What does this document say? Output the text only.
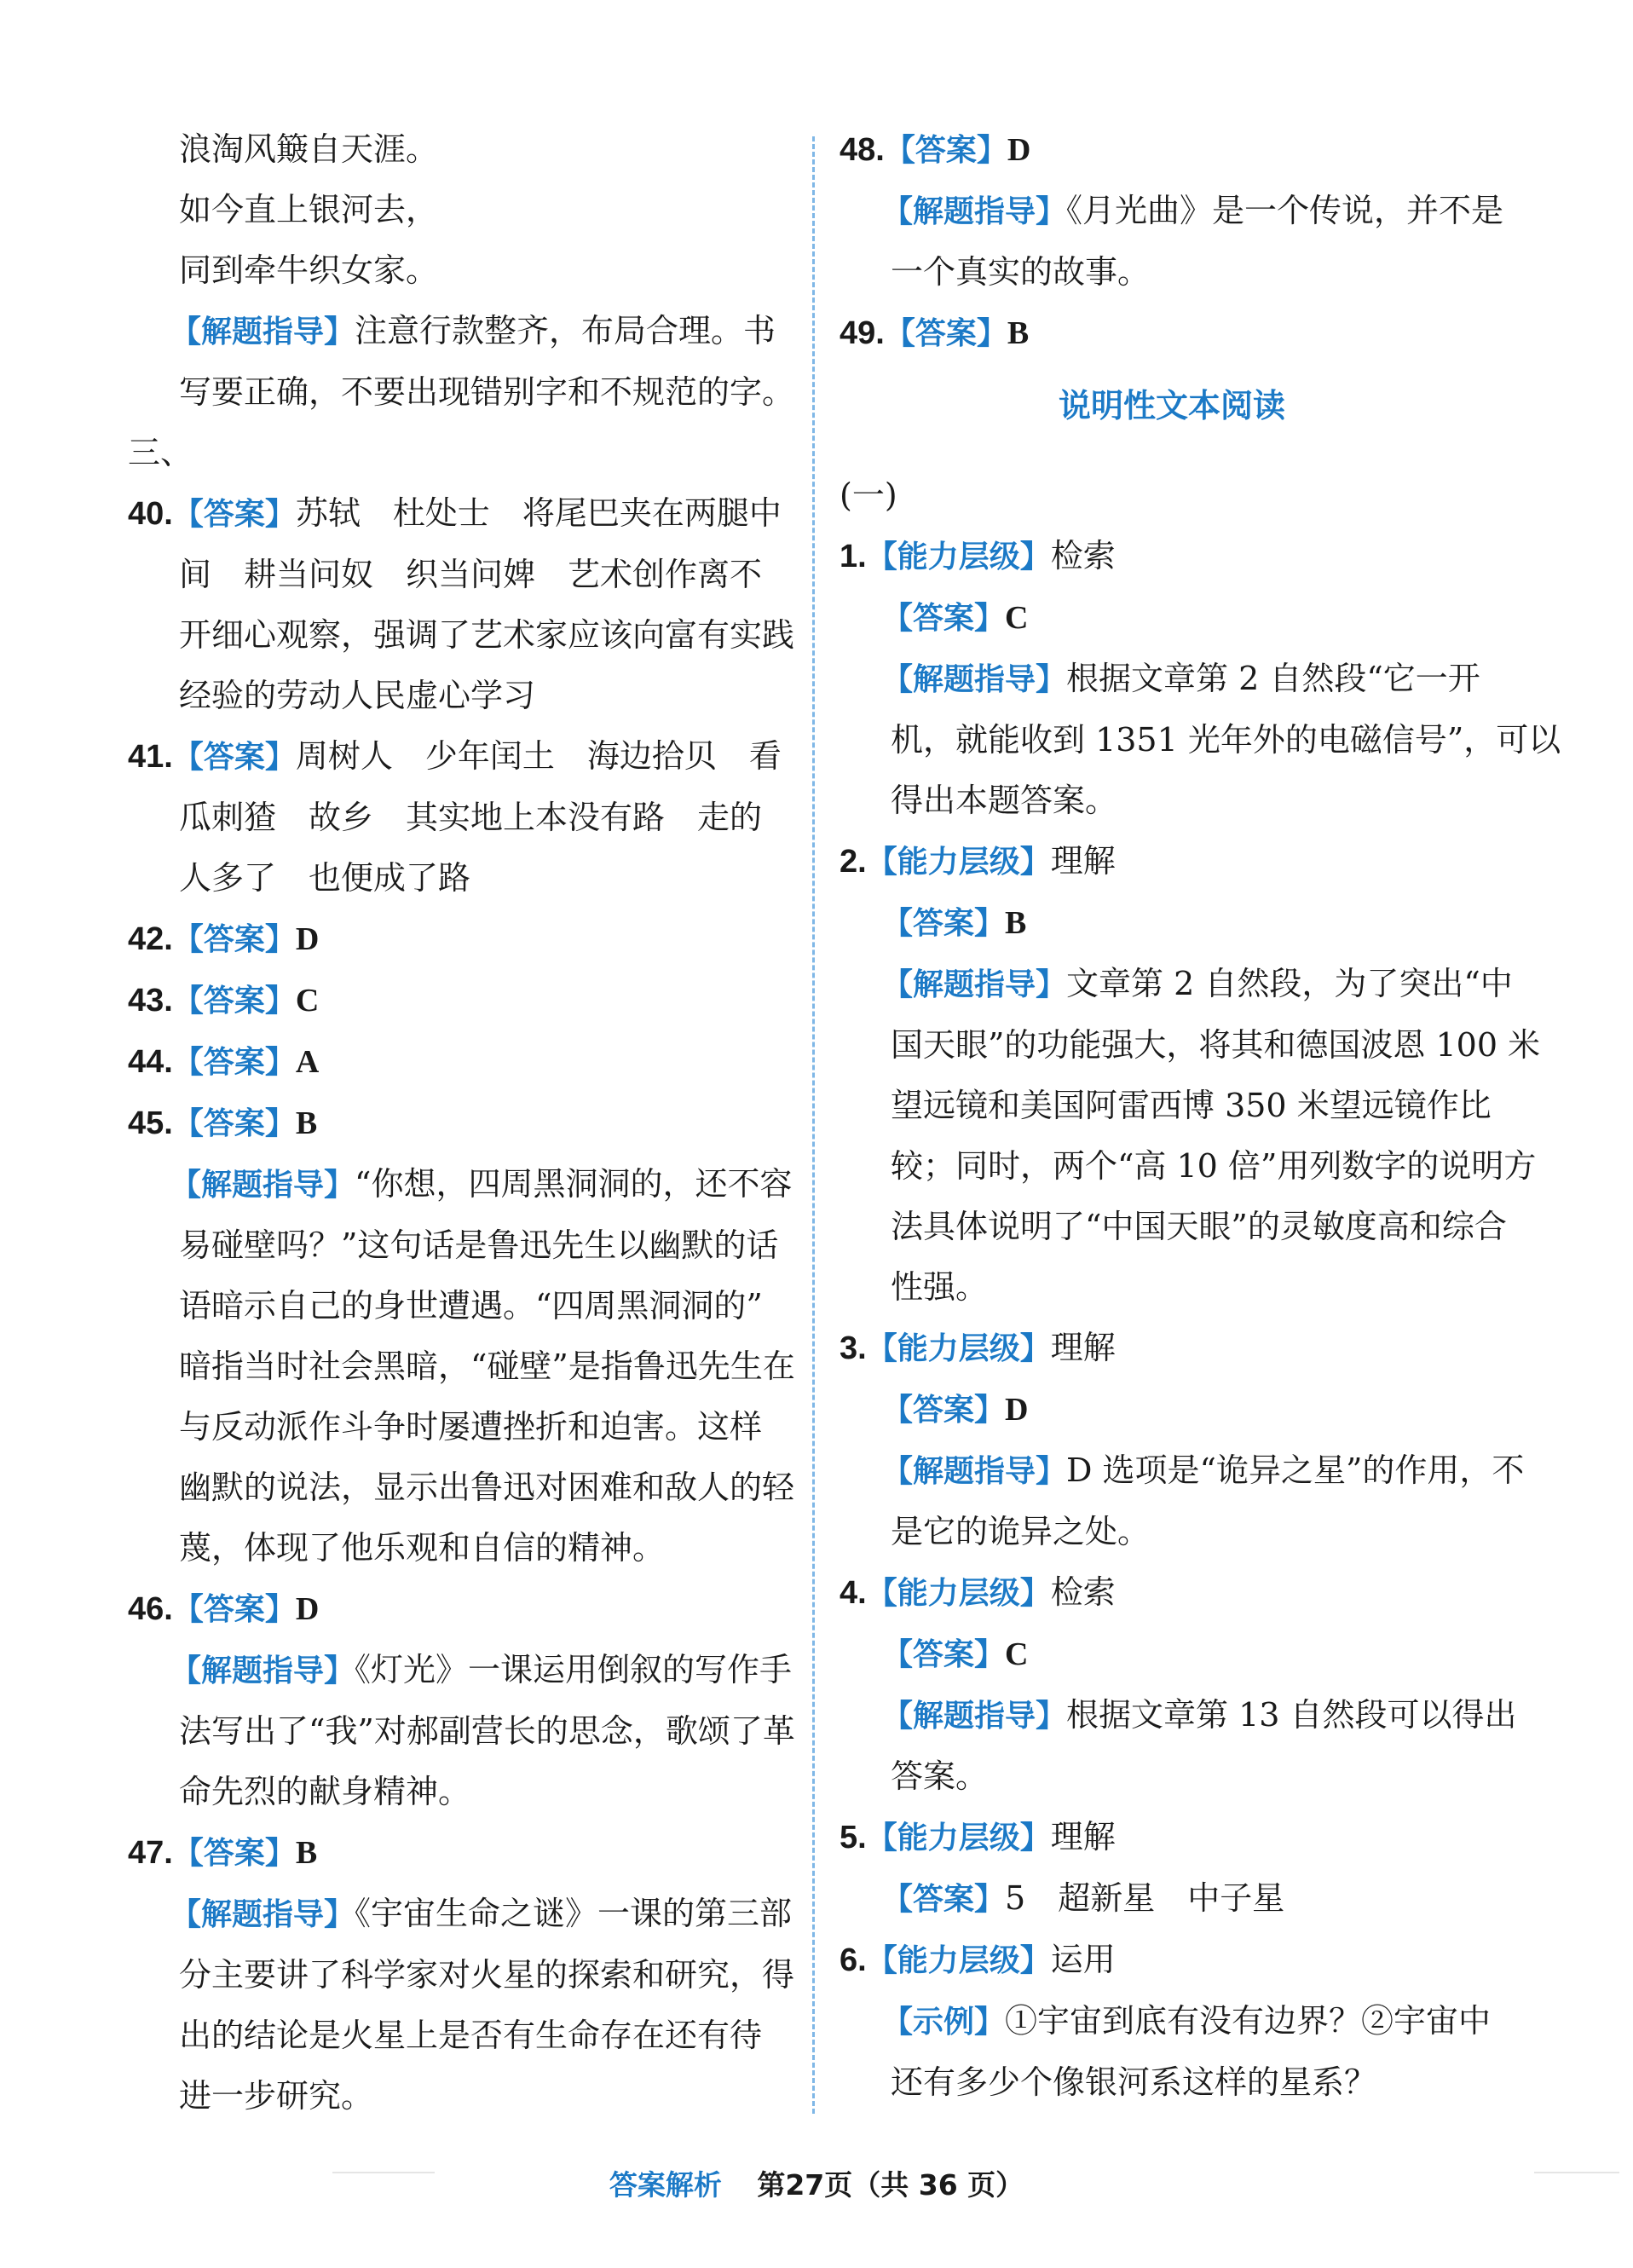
浪淘风簸自天涯。
如今直上银河去，
同到牵牛织女家。
【解题指导】注意行款整齐，布局合理。书
写要正确，不要出现错别字和不规范的字。
三、
40.【答案】苏轼　杜处士　将尾巴夹在两腿中
间　耕当问奴　织当问婢　艺术创作离不
开细心观察，强调了艺术家应该向富有实践
经验的劳动人民虚心学习
41.【答案】周树人　少年闰土　海边拾贝　看
瓜刺猹　故乡　其实地上本没有路　走的
人多了　也便成了路
42.【答案】D
43.【答案】C
44.【答案】A
45.【答案】B
【解题指导】“你想，四周黑洞洞的，还不容
易碰壁吗？”这句话是鲁迅先生以幽默的话
语暗示自己的身世遭遇。“四周黑洞洞的”
暗指当时社会黑暗，“碰壁”是指鲁迅先生在
与反动派作斗争时屡遭挫折和迫害。这样
幽默的说法，显示出鲁迅对困难和敌人的轻
蔑，体现了他乐观和自信的精神。
46.【答案】D
【解题指导】《灯光》一课运用倒叙的写作手
法写出了“我”对郝副营长的思念，歌颂了革
命先烈的献身精神。
47.【答案】B
【解题指导】《宇宙生命之谜》一课的第三部
分主要讲了科学家对火星的探索和研究，得
出的结论是火星上是否有生命存在还有待
进一步研究。
48.【答案】D
【解题指导】《月光曲》是一个传说，并不是
一个真实的故事。
49.【答案】B
说明性文本阅读
(一)
1.【能力层级】检索
【答案】C
【解题指导】根据文章第 2 自然段“它一开
机，就能收到 1351 光年外的电磁信号”，可以
得出本题答案。
2.【能力层级】理解
【答案】B
【解题指导】文章第 2 自然段，为了突出“中
国天眼”的功能强大，将其和德国波恩 100 米
望远镜和美国阿雷西博 350 米望远镜作比
较；同时，两个“高 10 倍”用列数字的说明方
法具体说明了“中国天眼”的灵敏度高和综合
性强。
3.【能力层级】理解
【答案】D
【解题指导】D 选项是“诡异之星”的作用，不
是它的诡异之处。
4.【能力层级】检索
【答案】C
【解题指导】根据文章第 13 自然段可以得出
答案。
5.【能力层级】理解
【答案】5　超新星　中子星
6.【能力层级】运用
【示例】①宇宙到底有没有边界？②宇宙中
还有多少个像银河系这样的星系？
答案解析 第27页（共 36 页）
